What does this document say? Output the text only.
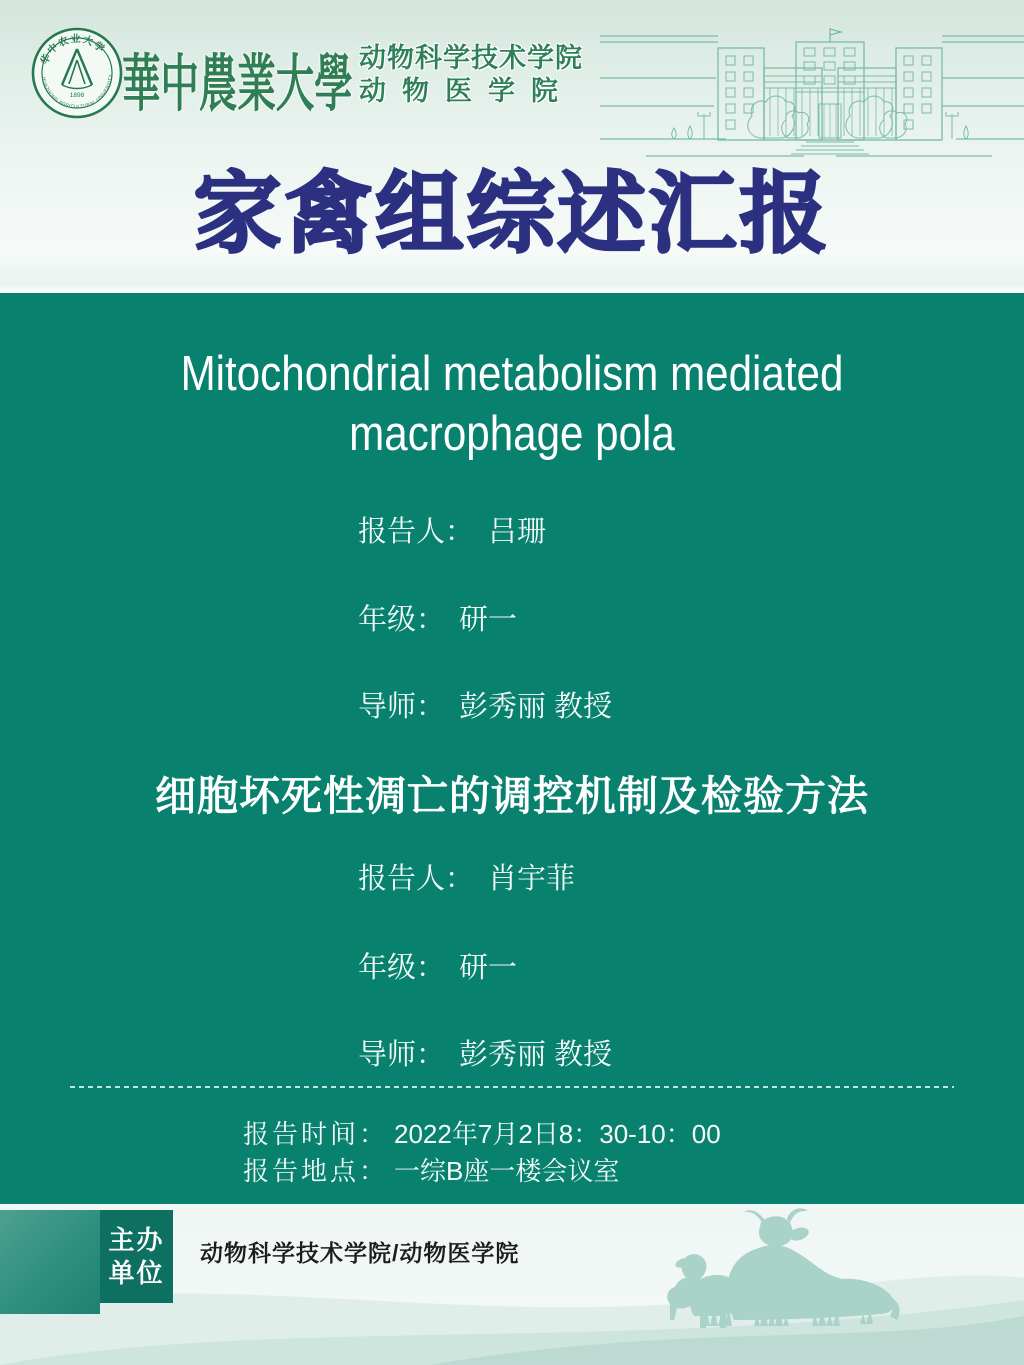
华中农业大学
HUAZHONG AGRICULTURAL UNIVERSITY
1898 華中農業大學 动物科学技术学院
动物医学院
家禽组综述汇报
Mitochondrial metabolism mediated
macrophage pola
报告人： 吕珊
年级： 研一
导师： 彭秀丽 教授
细胞坏死性凋亡的调控机制及检验方法
报告人： 肖宇菲
年级： 研一
导师： 彭秀丽 教授
报告时间： 2022年7月2日8：30-10：00
报告地点： 一综B座一楼会议室
主办
单位
动物科学技术学院/动物医学院
